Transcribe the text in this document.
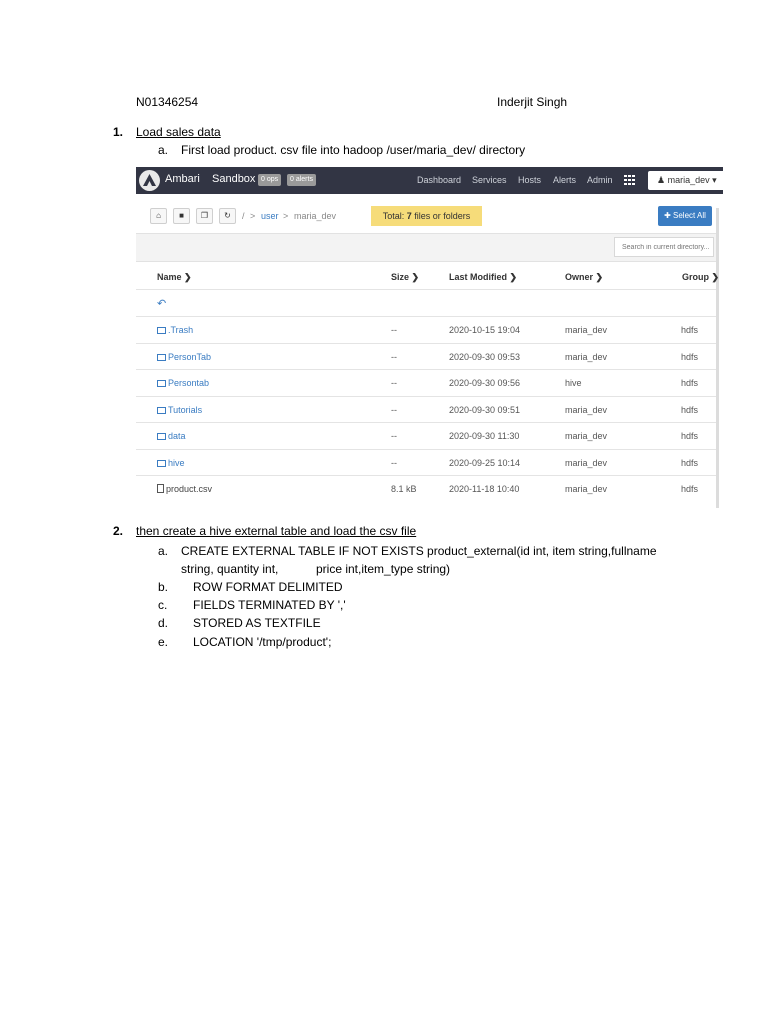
N01346254	Inderjit Singh
1. Load sales data
a. First load product. csv file into hadoop /user/maria_dev/ directory
Ambari Sandbox 0 ops	0 alerts	Dashboard Services Hosts Alerts Admin	♟ maria_dev ▾
⌂	■	❐	↻	/ > user > maria_dev	Total: 7 files or folders	✚ Select All
Search in current directory...
Name ❯	Size ❯	Last Modified ❯	Owner ❯	Group ❯
↶
.Trash	--	2020-10-15 19:04	maria_dev	hdfs
PersonTab	--	2020-09-30 09:53	maria_dev	hdfs
Persontab	--	2020-09-30 09:56	hive	hdfs
Tutorials	--	2020-09-30 09:51	maria_dev	hdfs
data	--	2020-09-30 11:30	maria_dev	hdfs
hive	--	2020-09-25 10:14	maria_dev	hdfs
product.csv	8.1 kB	2020-11-18 10:40	maria_dev	hdfs
2. then create a hive external table and load the csv file
a. CREATE EXTERNAL TABLE IF NOT EXISTS product_external(id int, item string,fullname
string, quantity int,	price int,item_type string)
b. ROW FORMAT DELIMITED
c. FIELDS TERMINATED BY ','
d. STORED AS TEXTFILE
e. LOCATION '/tmp/product';
